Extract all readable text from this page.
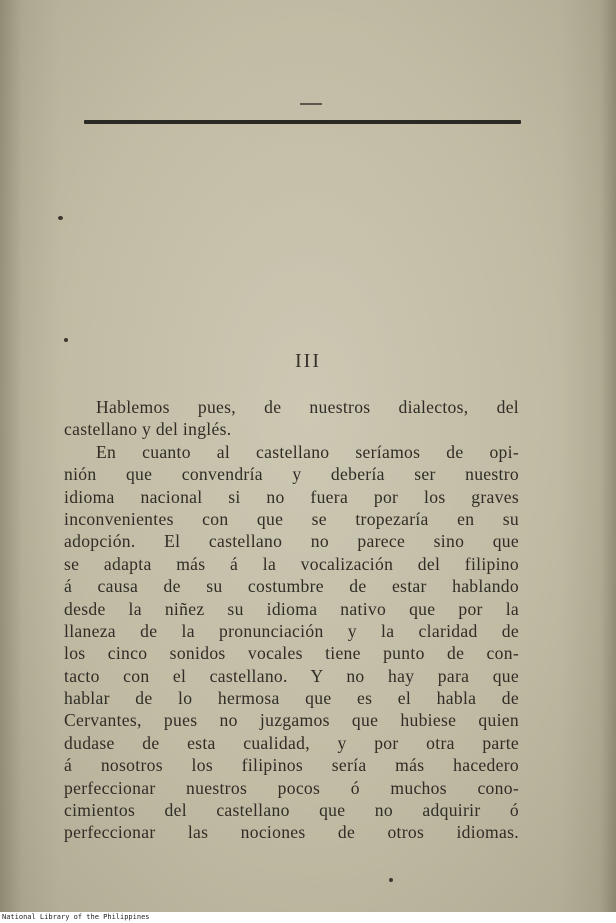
III
Hablemos pues, de nuestros dialectos, del
castellano y del inglés.
En cuanto al castellano seríamos de opi-
nión que convendría y debería ser nuestro
idioma nacional si no fuera por los graves
inconvenientes con que se tropezaría en su
adopción. El castellano no parece sino que
se adapta más á la vocalización del filipino
á causa de su costumbre de estar hablando
desde la niñez su idioma nativo que por la
llaneza de la pronunciación y la claridad de
los cinco sonidos vocales tiene punto de con-
tacto con el castellano. Y no hay para que
hablar de lo hermosa que es el habla de
Cervantes, pues no juzgamos que hubiese quien
dudase de esta cualidad, y por otra parte
á nosotros los filipinos sería más hacedero
perfeccionar nuestros pocos ó muchos cono-
cimientos del castellano que no adquirir ó
perfeccionar las nociones de otros idiomas.
National Library of the Philippines
